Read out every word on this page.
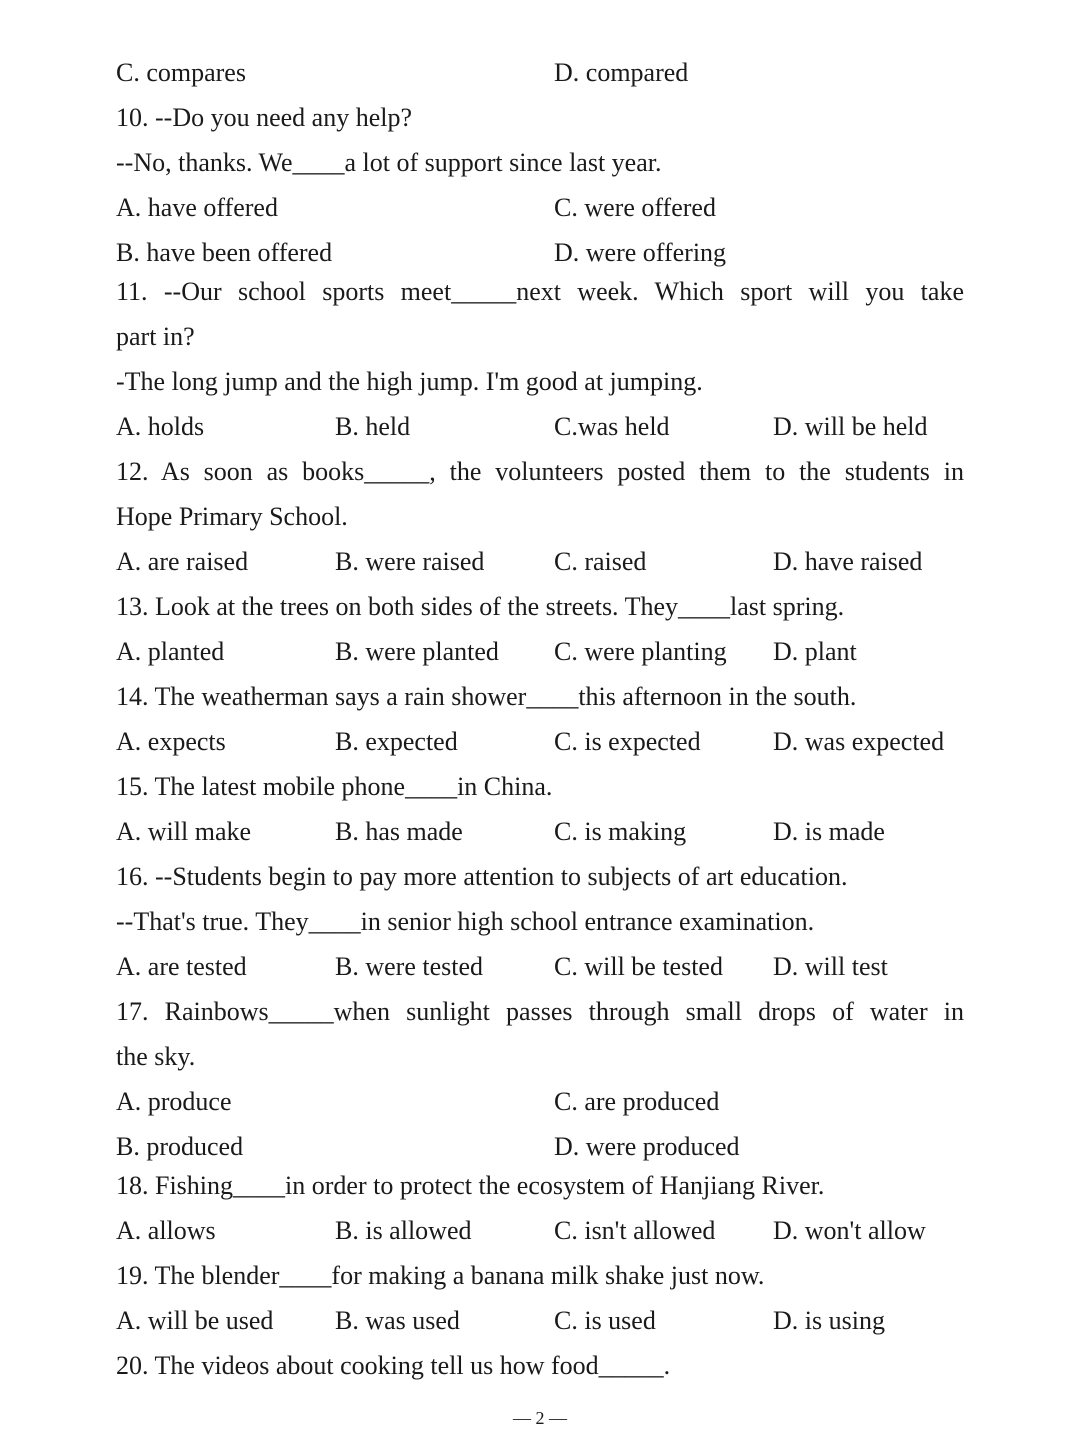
C. compares	D. compared
10. --Do you need any help?
--No, thanks. We____a lot of support since last year.
A. have offered	C. were offered
B. have been offered	D. were offering
11. --Our school sports meet_____next week. Which sport will you take
part in?
-The long jump and the high jump. I'm good at jumping.
A. holds	B. held	C.was held	D. will be held
12. As soon as books_____, the volunteers posted them to the students in
Hope Primary School.
A. are raised	B. were raised	C. raised	D. have raised
13. Look at the trees on both sides of the streets. They____last spring.
A. planted	B. were planted C. were planting D. plant
14. The weatherman says a rain shower____this afternoon in the south.
A. expects	B. expected	C. is expected	D. was expected
15. The latest mobile phone____in China.
A. will make	B. has made	C. is making	D. is made
16. --Students begin to pay more attention to subjects of art education.
--That's true. They____in senior high school entrance examination.
A. are tested	B. were tested	C. will be tested D. will test
17. Rainbows_____when sunlight passes through small drops of water in
the sky.
A. produce	C. are produced
B. produced	D. were produced
18. Fishing____in order to protect the ecosystem of Hanjiang River.
A. allows	B. is allowed	C. isn't allowed D. won't allow
19. The blender____for making a banana milk shake just now.
A. will be used B. was used	C. is used	D. is using
20. The videos about cooking tell us how food_____.
— 2 —
